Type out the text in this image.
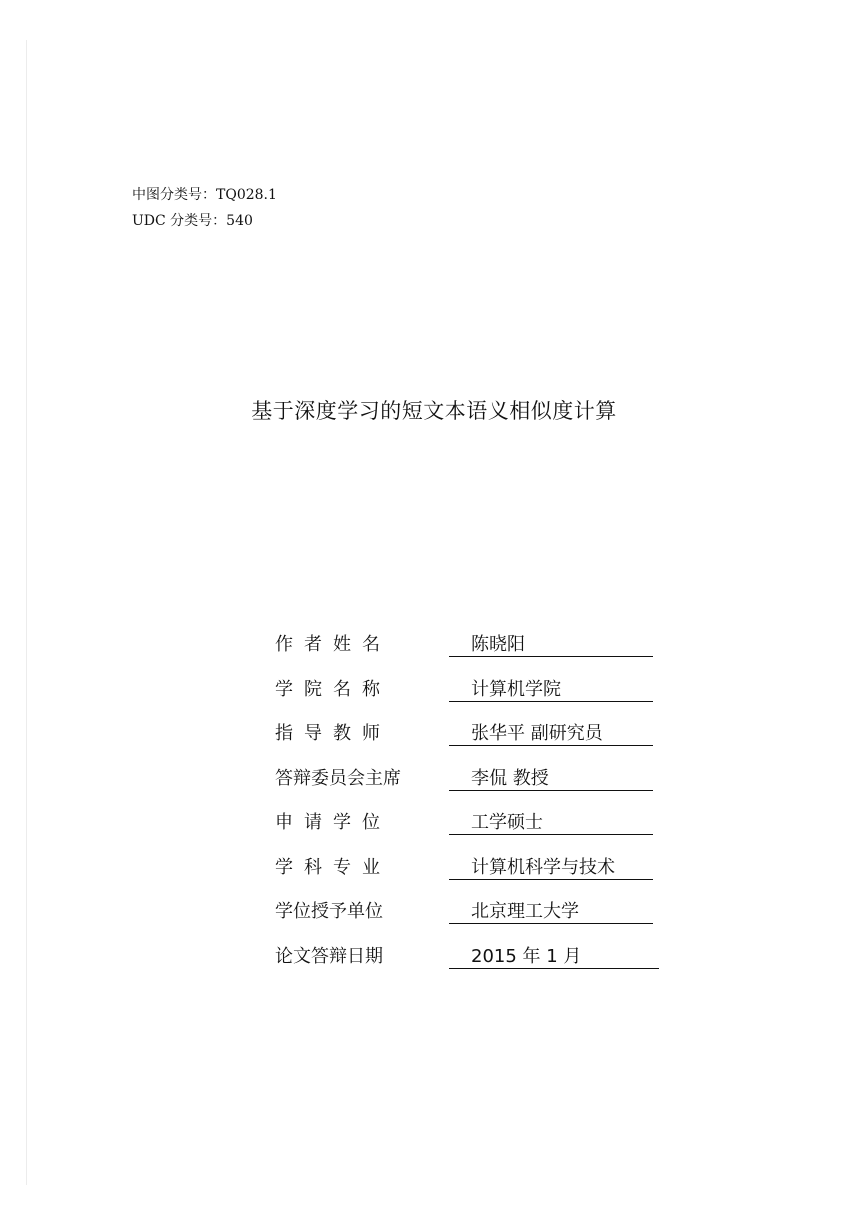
中图分类号：TQ028.1
UDC 分类号：540
基于深度学习的短文本语义相似度计算
作者姓名	陈晓阳
学院名称	计算机学院
指导教师	张华平 副研究员
答辩委员会主席	李侃 教授
申请学位	工学硕士
学科专业	计算机科学与技术
学位授予单位	北京理工大学
论文答辩日期	2015 年 1 月
